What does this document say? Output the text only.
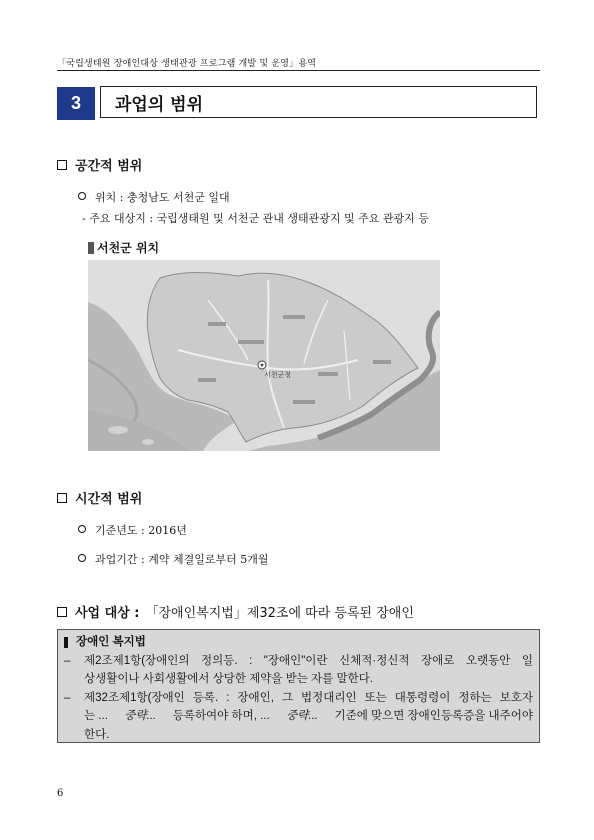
「국립생태원 장애인대상 생태관광 프로그램 개발 및 운영」용역
3	과업의 범위
공간적 범위
위치 : 충청남도 서천군 일대
- 주요 대상지 : 국립생태원 및 서천군 관내 생태관광지 및 주요 관광지 등
서천군 위치
서천군청
시간적 범위
기준년도 : 2016년
과업기간 : 계약 체결일로부터 5개월
사업 대상 : 「장애인복지법」제32조에 따라 등록된 장애인
장애인 복지법
–	제2조제1항(장애인의 정의등. : "장애인"이란 신체적·정신적 장애로 오랫동안 일
상생활이나 사회생활에서 상당한 제약을 받는 자를 말한다.
–	제32조제1항(장애인 등록. : 장애인, 그 법정대리인 또는 대통령령이 정하는 보호자
는 ... 중략... 등록하여야 하며, ... 중략... 기준에 맞으면 장애인등록증을 내주어야
한다.
6
